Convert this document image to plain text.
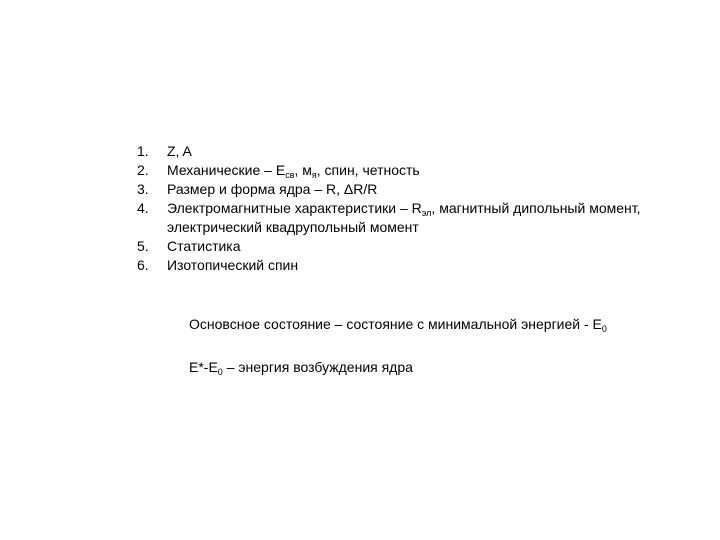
1.	Z, A
2.	Механические – $E_{св}$, $м_я$, спин, четность
3.	Размер и форма ядра – R, ΔR/R
4.	Электромагнитные характеристики – $R_{эл}$, магнитный дипольный момент, электрический квадрупольный момент
5.	Статистика
6.	Изотопический спин
Основсное состояние – состояние с минимальной энергией - $E_0$
$E*-E_0$ – энергия возбуждения ядра
